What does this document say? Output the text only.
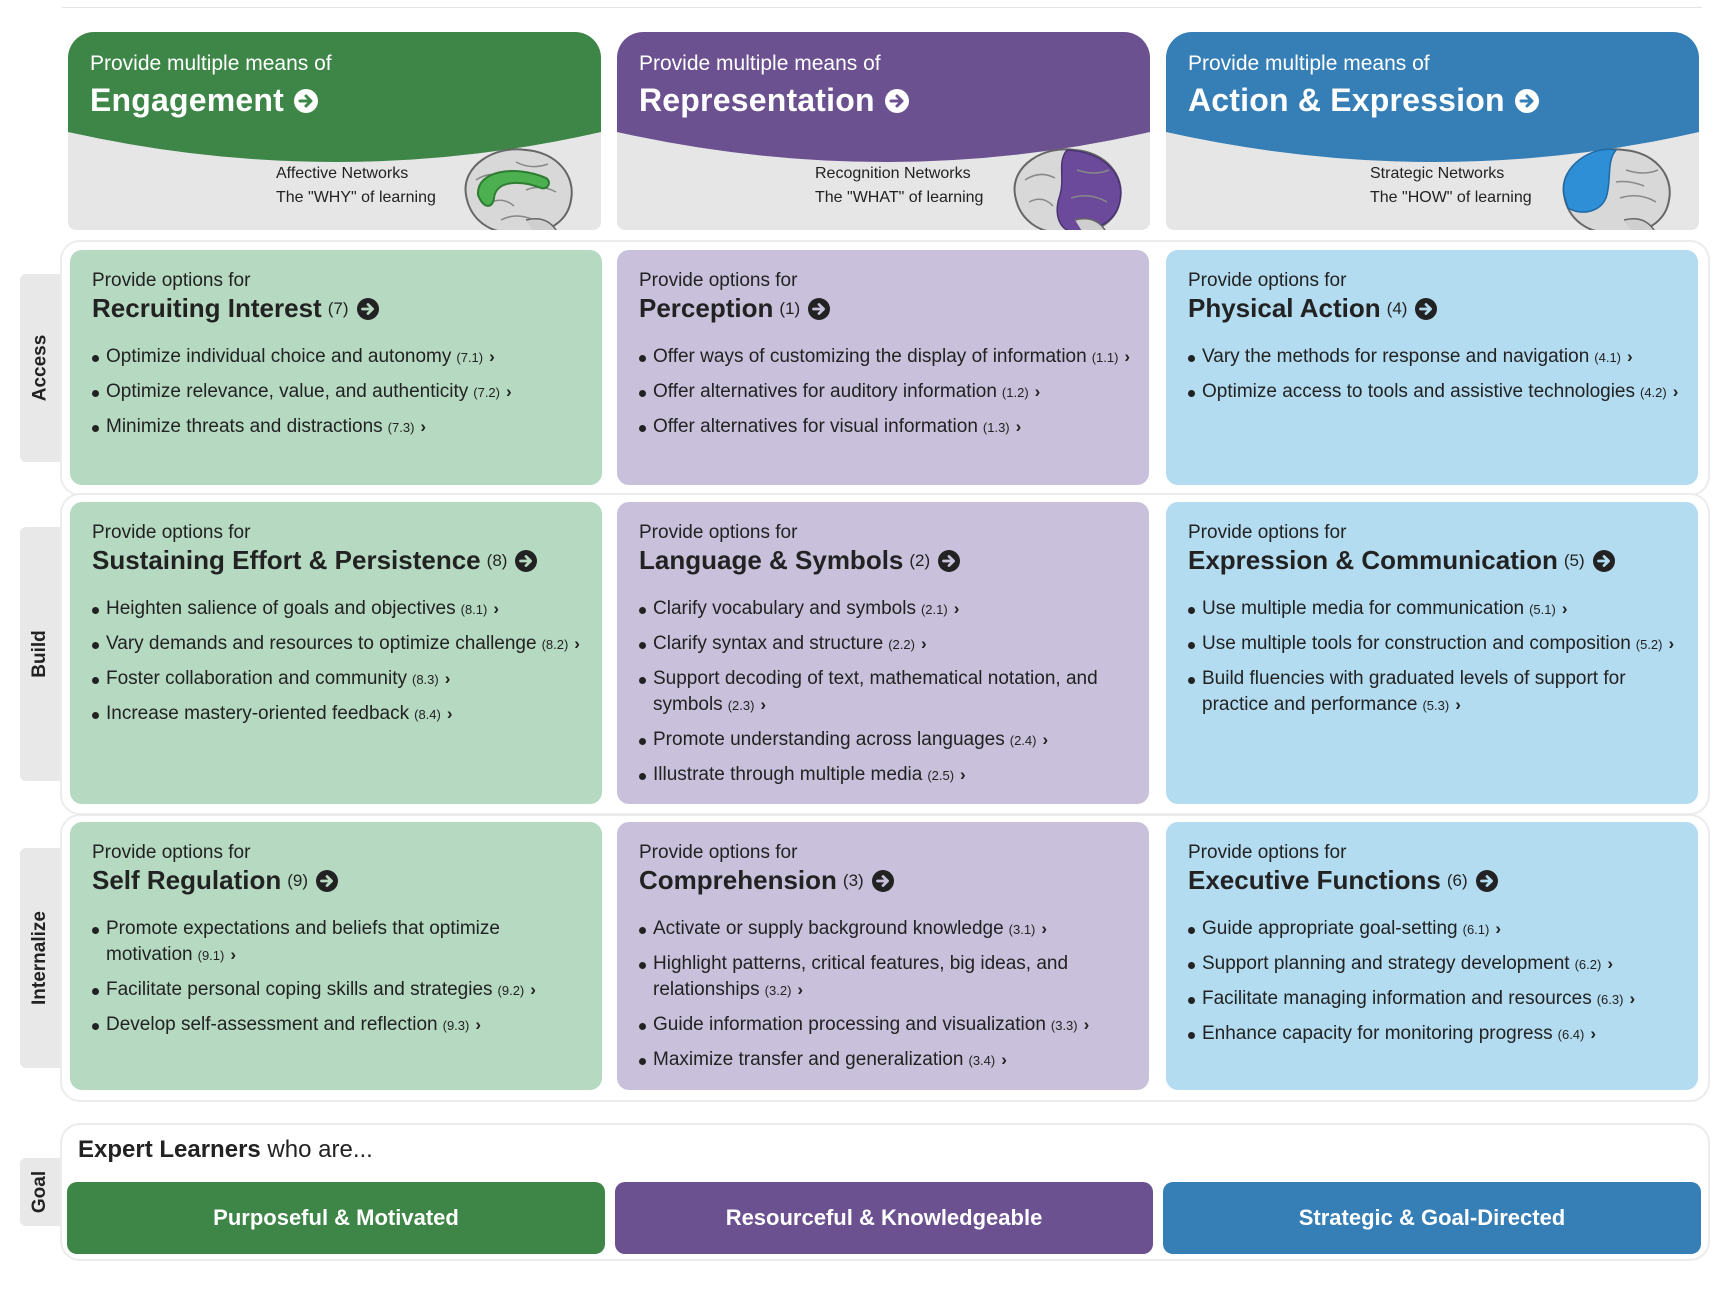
Provide multiple means of
Engagement
Affective Networks
The "WHY" of learning
Provide multiple means of
Representation
Recognition Networks
The "WHAT" of learning
Provide multiple means of
Action & Expression
Strategic Networks
The "HOW" of learning
Access
Provide options for
Recruiting Interest (7)
Optimize individual choice and autonomy (7.1) ›
Optimize relevance, value, and authenticity (7.2) ›
Minimize threats and distractions (7.3) ›
Provide options for
Perception (1)
Offer ways of customizing the display of information (1.1) ›
Offer alternatives for auditory information (1.2) ›
Offer alternatives for visual information (1.3) ›
Provide options for
Physical Action (4)
Vary the methods for response and navigation (4.1) ›
Optimize access to tools and assistive technologies (4.2) ›
Build
Provide options for
Sustaining Effort & Persistence (8)
Heighten salience of goals and objectives (8.1) ›
Vary demands and resources to optimize challenge (8.2) ›
Foster collaboration and community (8.3) ›
Increase mastery-oriented feedback (8.4) ›
Provide options for
Language & Symbols (2)
Clarify vocabulary and symbols (2.1) ›
Clarify syntax and structure (2.2) ›
Support decoding of text, mathematical notation, and symbols (2.3) ›
Promote understanding across languages (2.4) ›
Illustrate through multiple media (2.5) ›
Provide options for
Expression & Communication (5)
Use multiple media for communication (5.1) ›
Use multiple tools for construction and composition (5.2) ›
Build fluencies with graduated levels of support for practice and performance (5.3) ›
Internalize
Provide options for
Self Regulation (9)
Promote expectations and beliefs that optimize motivation (9.1) ›
Facilitate personal coping skills and strategies (9.2) ›
Develop self-assessment and reflection (9.3) ›
Provide options for
Comprehension (3)
Activate or supply background knowledge (3.1) ›
Highlight patterns, critical features, big ideas, and relationships (3.2) ›
Guide information processing and visualization (3.3) ›
Maximize transfer and generalization (3.4) ›
Provide options for
Executive Functions (6)
Guide appropriate goal-setting (6.1) ›
Support planning and strategy development (6.2) ›
Facilitate managing information and resources (6.3) ›
Enhance capacity for monitoring progress (6.4) ›
Goal
Expert Learners who are...
Purposeful & Motivated	Resourceful & Knowledgeable	Strategic & Goal-Directed
